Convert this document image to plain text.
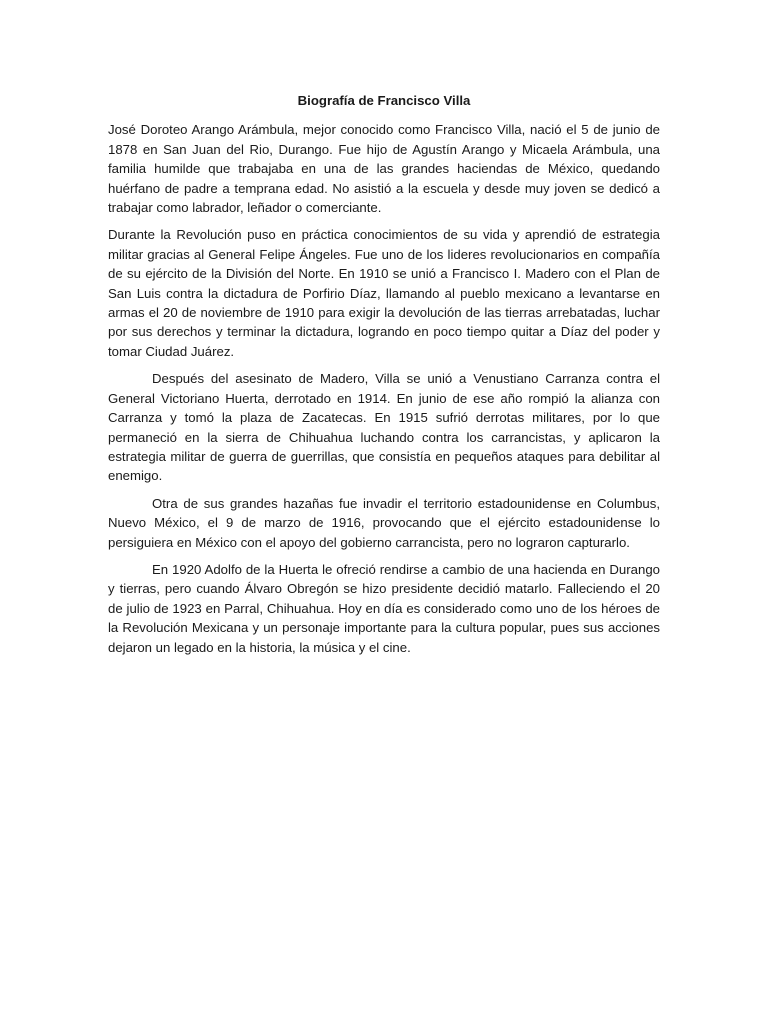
Biografía de Francisco Villa

José Doroteo Arango Arámbula, mejor conocido como Francisco Villa, nació el 5 de junio de 1878 en San Juan del Rio, Durango. Fue hijo de Agustín Arango y Micaela Arámbula, una familia humilde que trabajaba en una de las grandes haciendas de México, quedando huérfano de padre a temprana edad. No asistió a la escuela y desde muy joven se dedicó a trabajar como labrador, leñador o comerciante.

Durante la Revolución puso en práctica conocimientos de su vida y aprendió de estrategia militar gracias al General Felipe Ángeles. Fue uno de los lideres revolucionarios en compañía de su ejército de la División del Norte. En 1910 se unió a Francisco I. Madero con el Plan de San Luis contra la dictadura de Porfirio Díaz, llamando al pueblo mexicano a levantarse en armas el 20 de noviembre de 1910 para exigir la devolución de las tierras arrebatadas, luchar por sus derechos y terminar la dictadura, logrando en poco tiempo quitar a Díaz del poder y tomar Ciudad Juárez.

Después del asesinato de Madero, Villa se unió a Venustiano Carranza contra el General Victoriano Huerta, derrotado en 1914. En junio de ese año rompió la alianza con Carranza y tomó la plaza de Zacatecas. En 1915 sufrió derrotas militares, por lo que permaneció en la sierra de Chihuahua luchando contra los carrancistas, y aplicaron la estrategia militar de guerra de guerrillas, que consistía en pequeños ataques para debilitar al enemigo.

Otra de sus grandes hazañas fue invadir el territorio estadounidense en Columbus, Nuevo México, el 9 de marzo de 1916, provocando que el ejército estadounidense lo persiguiera en México con el apoyo del gobierno carrancista, pero no lograron capturarlo.

En 1920 Adolfo de la Huerta le ofreció rendirse a cambio de una hacienda en Durango y tierras, pero cuando Álvaro Obregón se hizo presidente decidió matarlo. Falleciendo el 20 de julio de 1923 en Parral, Chihuahua. Hoy en día es considerado como uno de los héroes de la Revolución Mexicana y un personaje importante para la cultura popular, pues sus acciones dejaron un legado en la historia, la música y el cine.
